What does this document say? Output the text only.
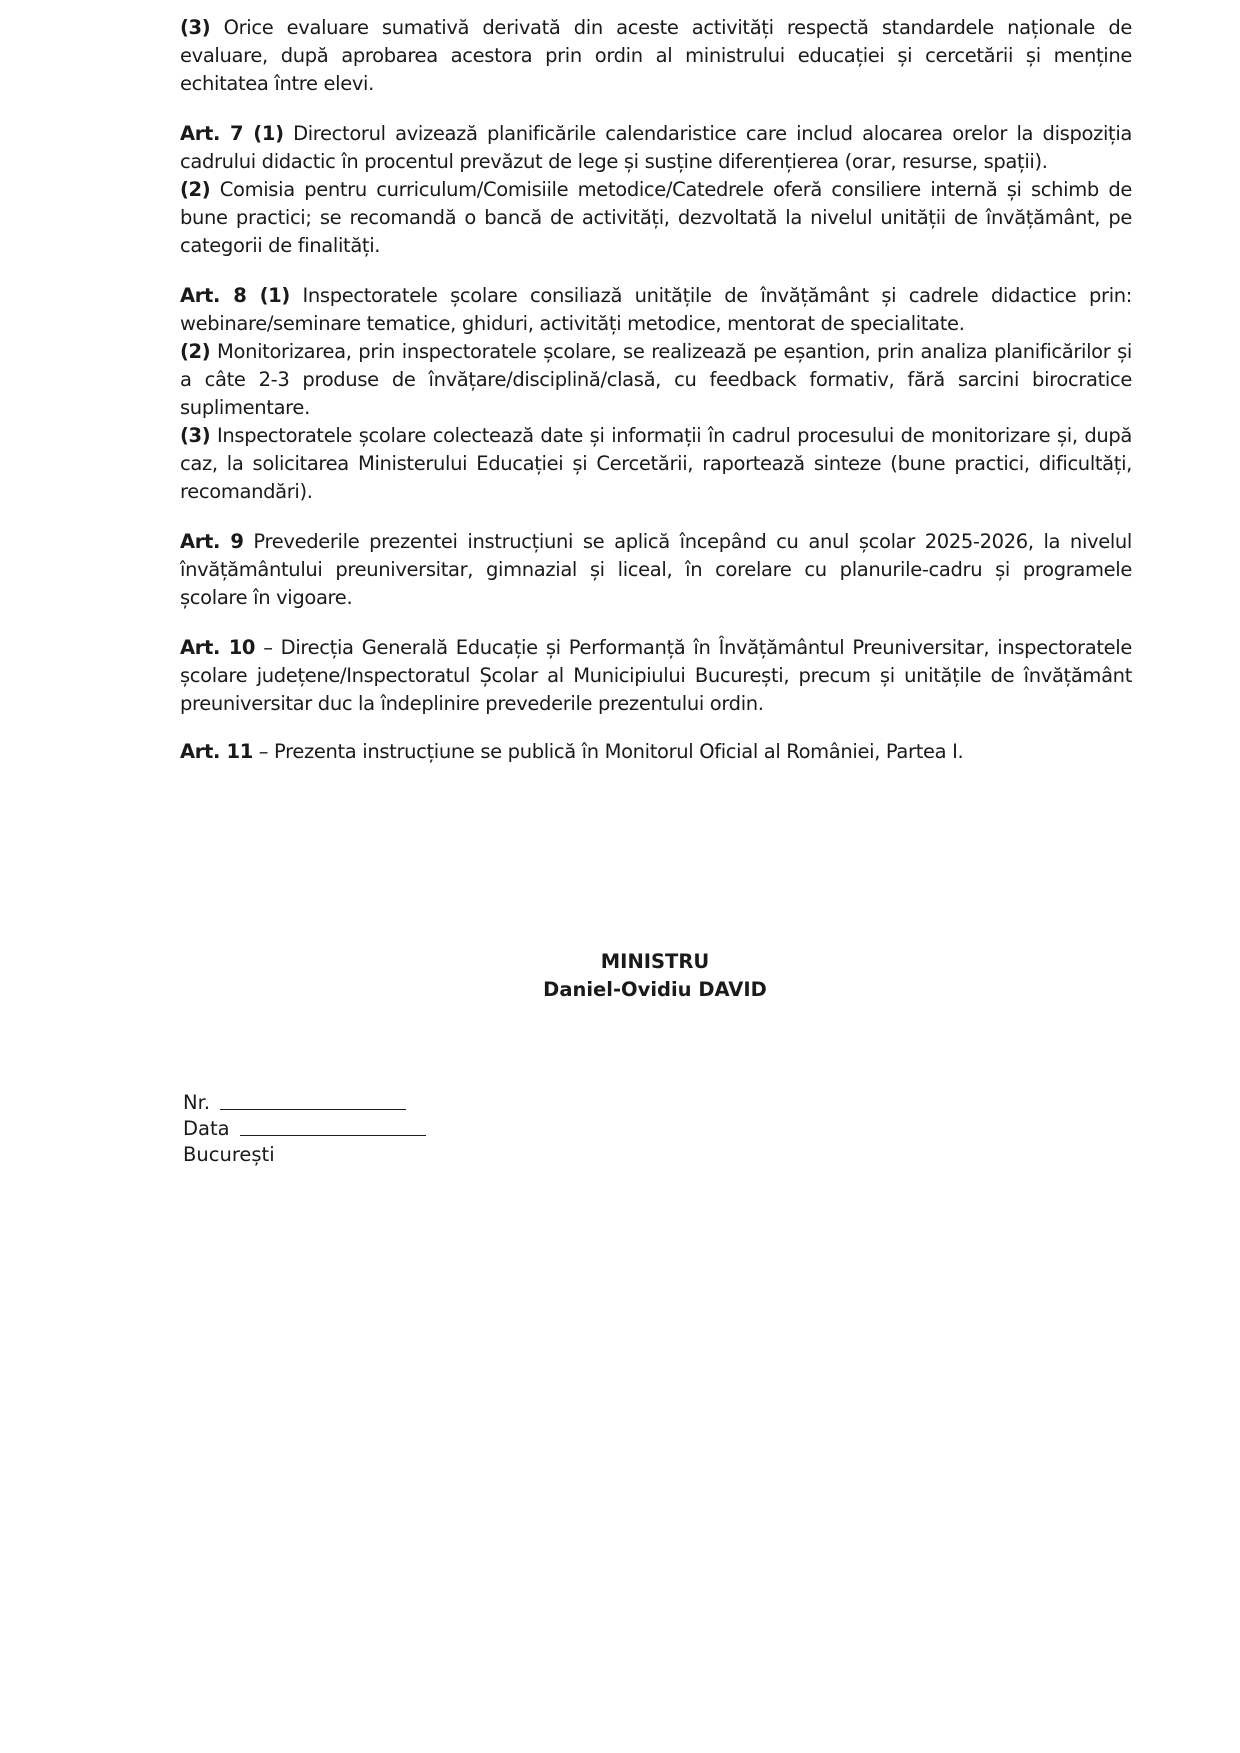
(3) Orice evaluare sumativă derivată din aceste activități respectă standardele naționale de evaluare, după aprobarea acestora prin ordin al ministrului educației și cercetării și menține echitatea între elevi.

Art. 7 (1) Directorul avizează planificările calendaristice care includ alocarea orelor la dispoziția cadrului didactic în procentul prevăzut de lege și susține diferențierea (orar, resurse, spații).

(2) Comisia pentru curriculum/Comisiile metodice/Catedrele oferă consiliere internă și schimb de bune practici; se recomandă o bancă de activități, dezvoltată la nivelul unității de învățământ, pe categorii de finalități.

Art. 8 (1) Inspectoratele școlare consiliază unitățile de învățământ și cadrele didactice prin: webinare/seminare tematice, ghiduri, activități metodice, mentorat de specialitate.

(2) Monitorizarea, prin inspectoratele școlare, se realizează pe eșantion, prin analiza planificărilor și a câte 2-3 produse de învățare/disciplină/clasă, cu feedback formativ, fără sarcini birocratice suplimentare.

(3) Inspectoratele școlare colectează date și informații în cadrul procesului de monitorizare și, după caz, la solicitarea Ministerului Educației și Cercetării, raportează sinteze (bune practici, dificultăți, recomandări).

Art. 9 Prevederile prezentei instrucțiuni se aplică începând cu anul școlar 2025-2026, la nivelul învățământului preuniversitar, gimnazial și liceal, în corelare cu planurile-cadru și programele școlare în vigoare.

Art. 10 – Direcția Generală Educație și Performanță în Învățământul Preuniversitar, inspectoratele școlare județene/Inspectoratul Școlar al Municipiului București, precum și unitățile de învățământ preuniversitar duc la îndeplinire prevederile prezentului ordin.

Art. 11 – Prezenta instrucțiune se publică în Monitorul Oficial al României, Partea I.

MINISTRU
Daniel-Ovidiu DAVID
Nr.
Data
București
